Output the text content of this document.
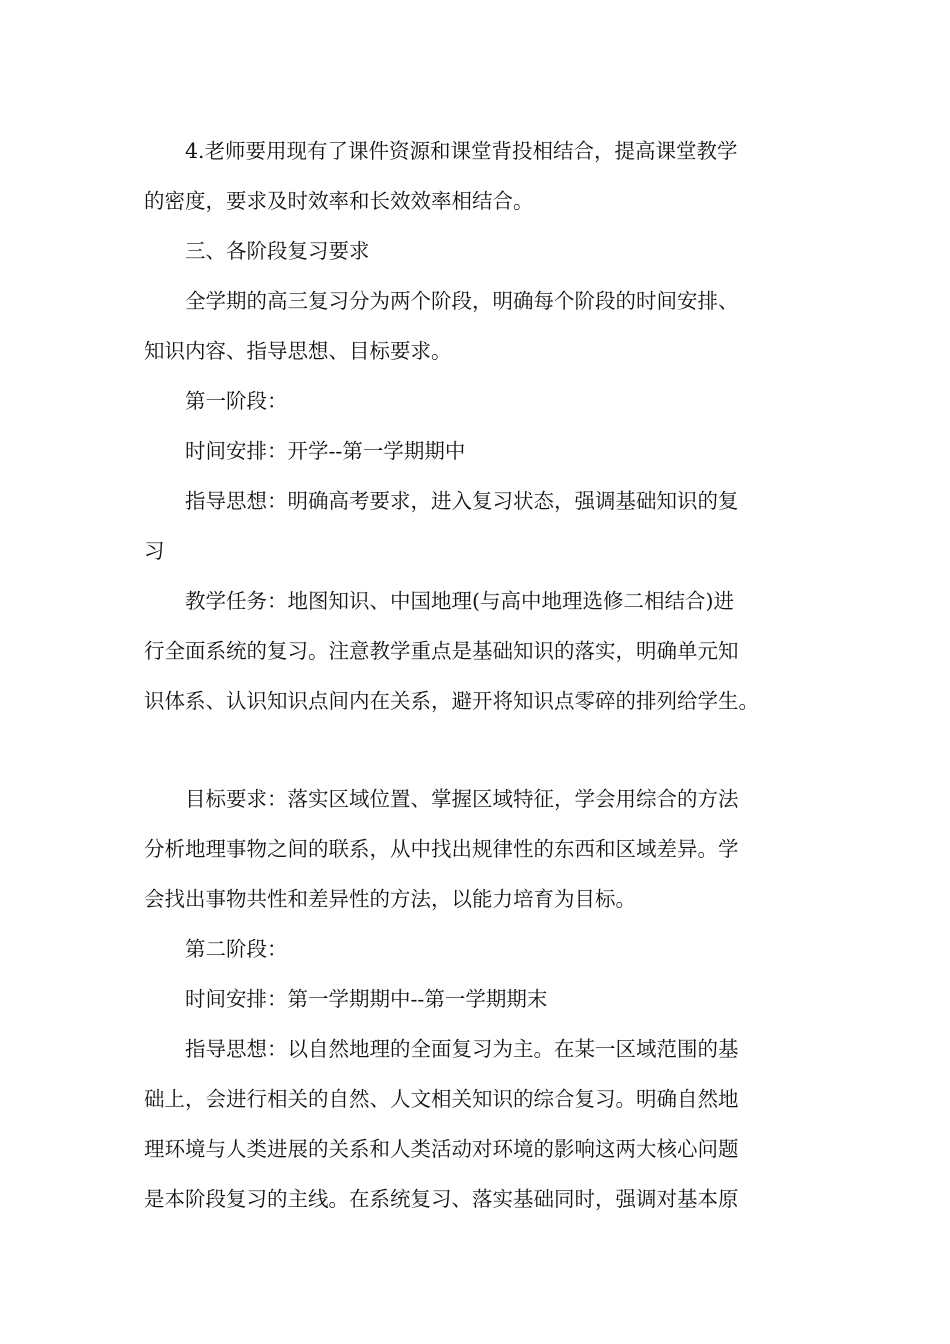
　　4.老师要用现有了课件资源和课堂背投相结合，提高课堂教学
的密度，要求及时效率和长效效率相结合。
　　三、各阶段复习要求
　　全学期的高三复习分为两个阶段，明确每个阶段的时间安排、
知识内容、指导思想、目标要求。
　　第一阶段：
　　时间安排：开学--第一学期期中
　　指导思想：明确高考要求，进入复习状态，强调基础知识的复
习
　　教学任务：地图知识、中国地理(与高中地理选修二相结合)进
行全面系统的复习。注意教学重点是基础知识的落实，明确单元知
识体系、认识知识点间内在关系，避开将知识点零碎的排列给学生。
　　目标要求：落实区域位置、掌握区域特征，学会用综合的方法
分析地理事物之间的联系，从中找出规律性的东西和区域差异。学
会找出事物共性和差异性的方法，以能力培育为目标。
　　第二阶段：
　　时间安排：第一学期期中--第一学期期末
　　指导思想：以自然地理的全面复习为主。在某一区域范围的基
础上，会进行相关的自然、人文相关知识的综合复习。明确自然地
理环境与人类进展的关系和人类活动对环境的影响这两大核心问题
是本阶段复习的主线。在系统复习、落实基础同时，强调对基本原
